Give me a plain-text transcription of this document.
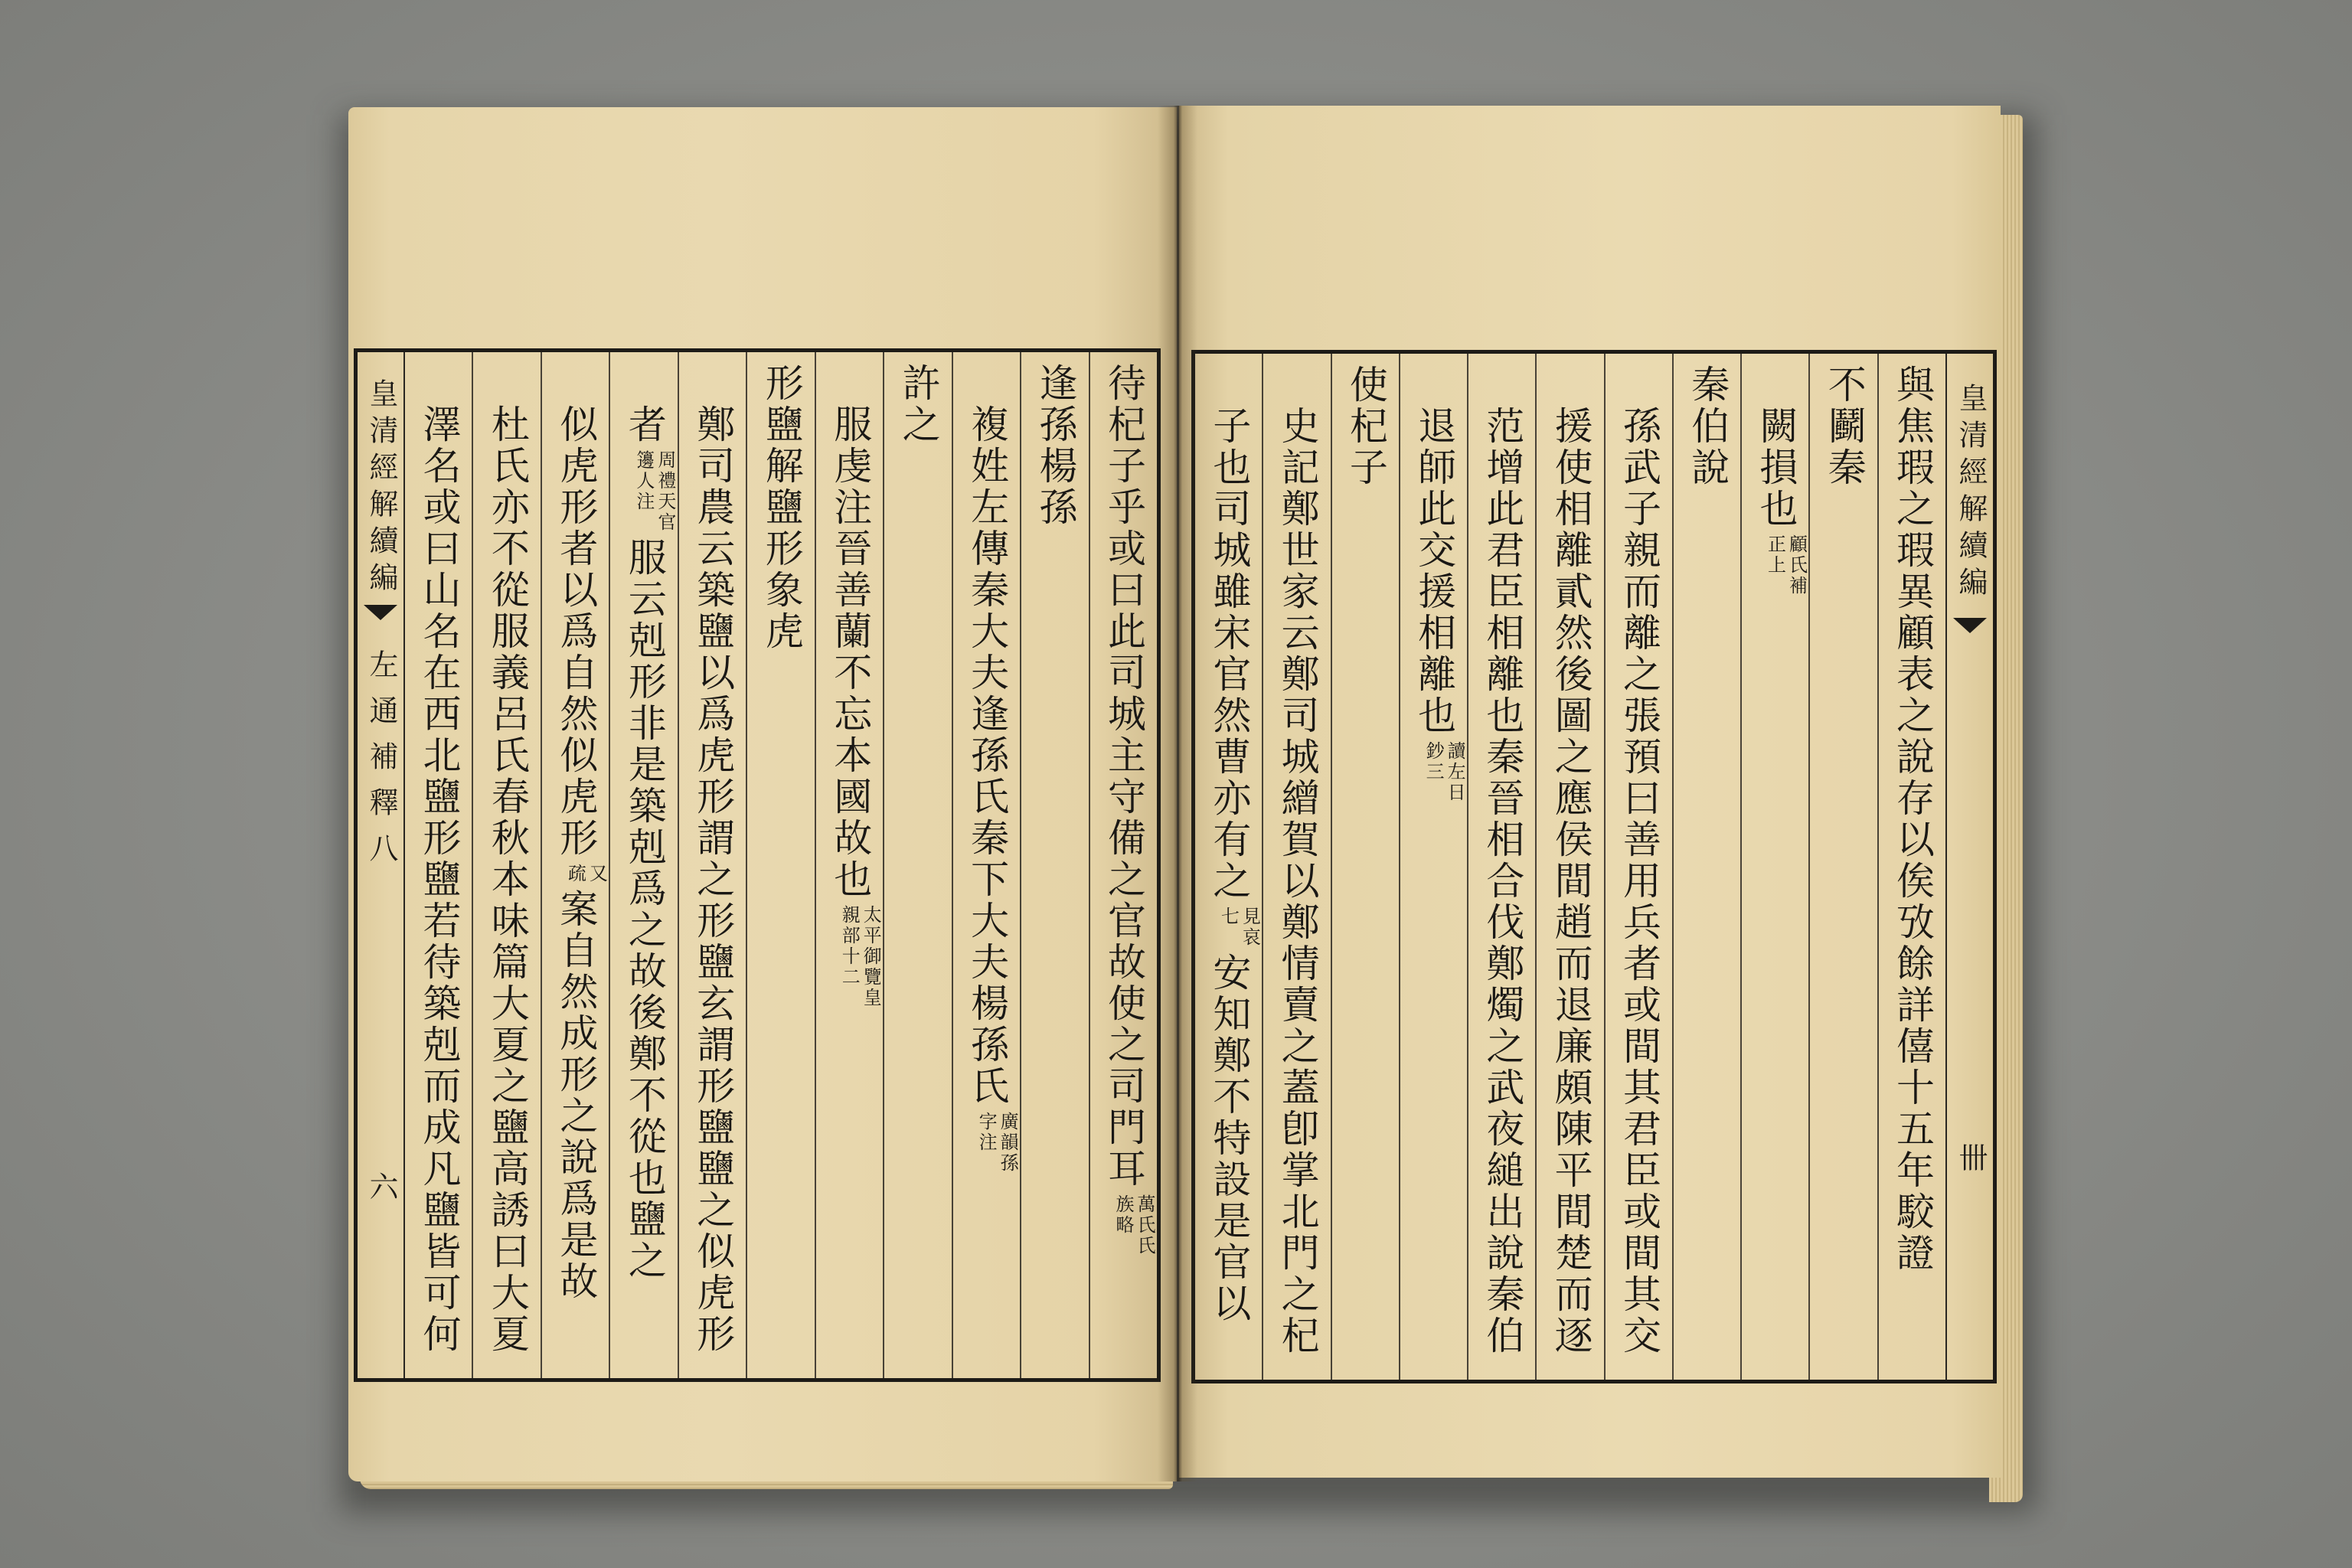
皇清經解續編
左通補釋八
六	待杞子乎或曰此司城主守備之官故使之司門耳
萬氏氏
族略
逢孫楊孫
複姓左傳秦大夫逢孫氏秦下大夫楊孫氏
廣韻孫
字注
許之
服虔注晉善蘭不忘本國故也
太平御覽皇
親部十二
形鹽解鹽形象虎
鄭司農云築鹽以爲虎形謂之形鹽玄謂形鹽鹽之似虎形
者
周禮天官
籩人注
服云剋形非是築剋爲之故後鄭不從也鹽之
似虎形者以爲自然似虎形
又
疏
案自然成形之說爲是故
杜氏亦不從服義呂氏春秋本味篇大夏之鹽高誘曰大夏
澤名或曰山名在西北鹽形鹽若待築剋而成凡鹽皆可何	與焦瑕之瑕異顧表之說存以俟攷餘詳僖十五年駮證
不鬬秦
闕損也
顧氏補
正上
秦伯說
孫武子親而離之張預曰善用兵者或間其君臣或間其交
援使相離貳然後圖之應侯間趙而退廉頗陳平間楚而逐
范增此君臣相離也秦晉相合伐鄭燭之武夜縋出說秦伯
退師此交援相離也
讀左日
鈔三
使杞子
史記鄭世家云鄭司城繒賀以鄭情賣之蓋卽掌北門之杞
子也司城雖宋官然曹亦有之
見哀
七
安知鄭不特設是官以
皇清經解續編
卌
